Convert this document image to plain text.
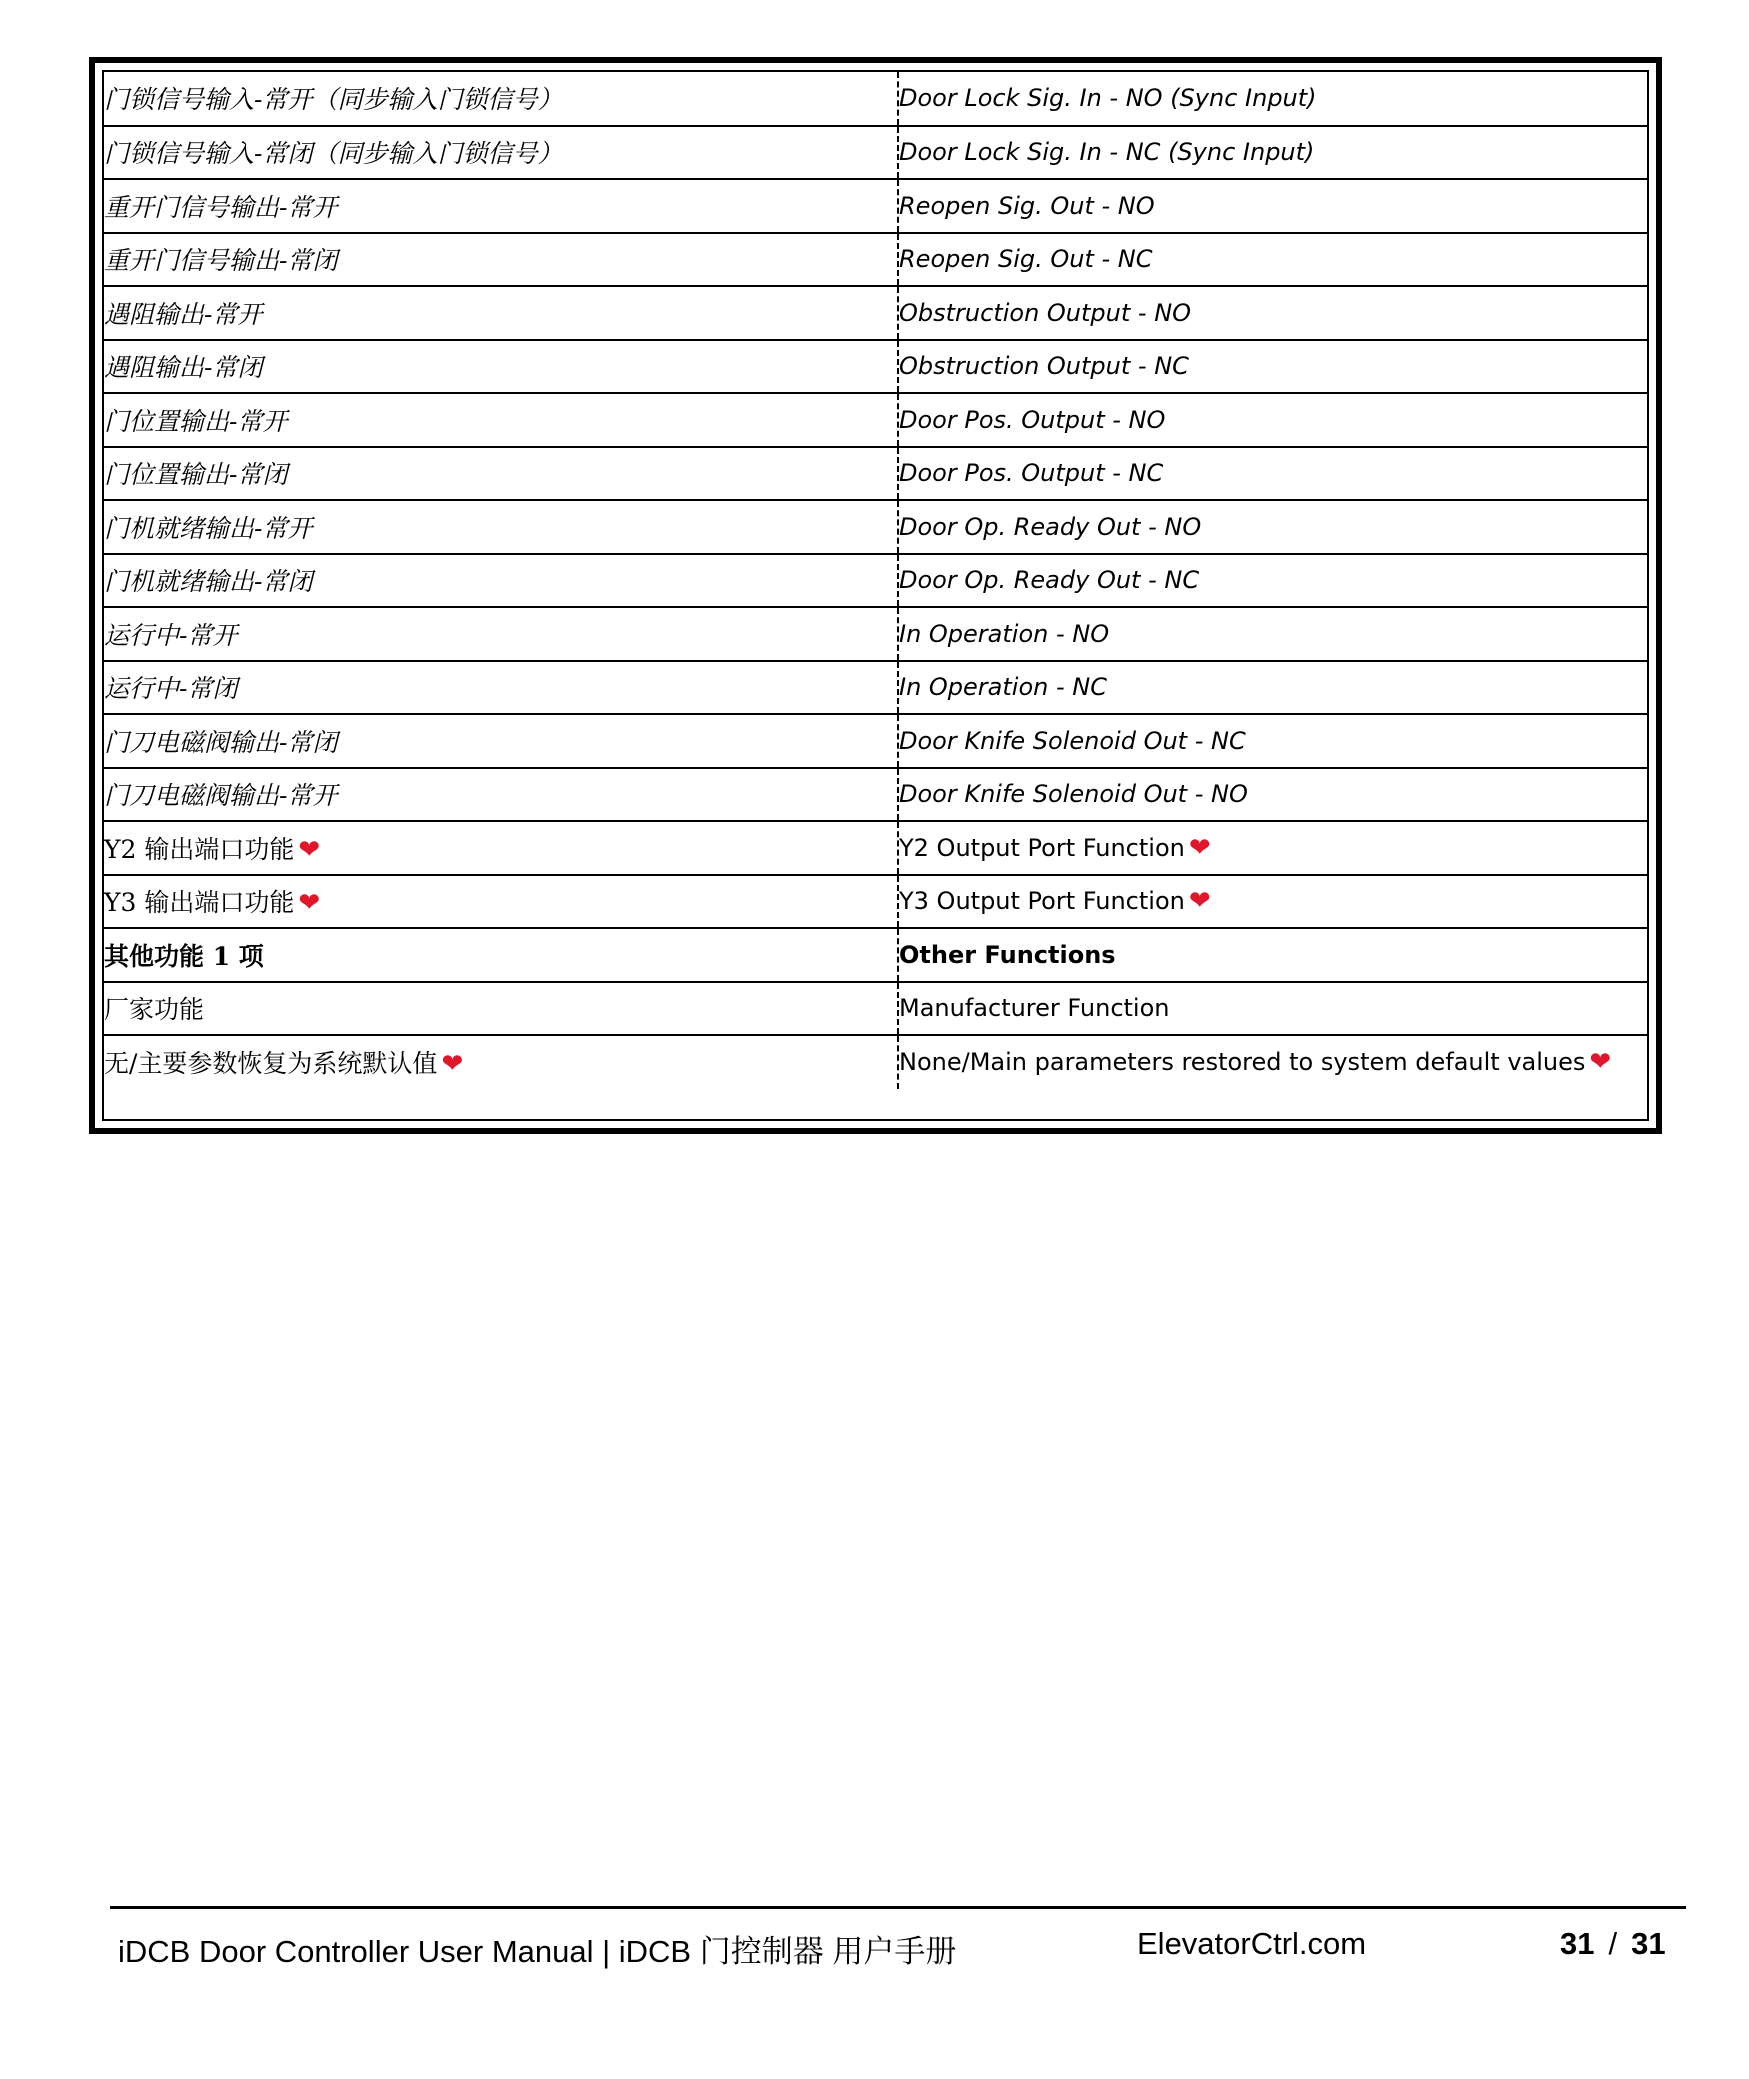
门锁信号输入-常开（同步输入门锁信号）	Door Lock Sig. In - NO (Sync Input)
门锁信号输入-常闭（同步输入门锁信号）	Door Lock Sig. In - NC (Sync Input)
重开门信号输出-常开	Reopen Sig. Out - NO
重开门信号输出-常闭	Reopen Sig. Out - NC
遇阻输出-常开	Obstruction Output - NO
遇阻输出-常闭	Obstruction Output - NC
门位置输出-常开	Door Pos. Output - NO
门位置输出-常闭	Door Pos. Output - NC
门机就绪输出-常开	Door Op. Ready Out - NO
门机就绪输出-常闭	Door Op. Ready Out - NC
运行中-常开	In Operation - NO
运行中-常闭	In Operation - NC
门刀电磁阀输出-常闭	Door Knife Solenoid Out - NC
门刀电磁阀输出-常开	Door Knife Solenoid Out - NO
Y2 输出端口功能 ❤	Y2 Output Port Function ❤
Y3 输出端口功能 ❤	Y3 Output Port Function ❤
其他功能 1 项	Other Functions
厂家功能	Manufacturer Function
无/主要参数恢复为系统默认值 ❤	None/Main parameters restored to system default values ❤
iDCB Door Controller User Manual | iDCB 门控制器 用户手册	ElevatorCtrl.com	31 / 31
